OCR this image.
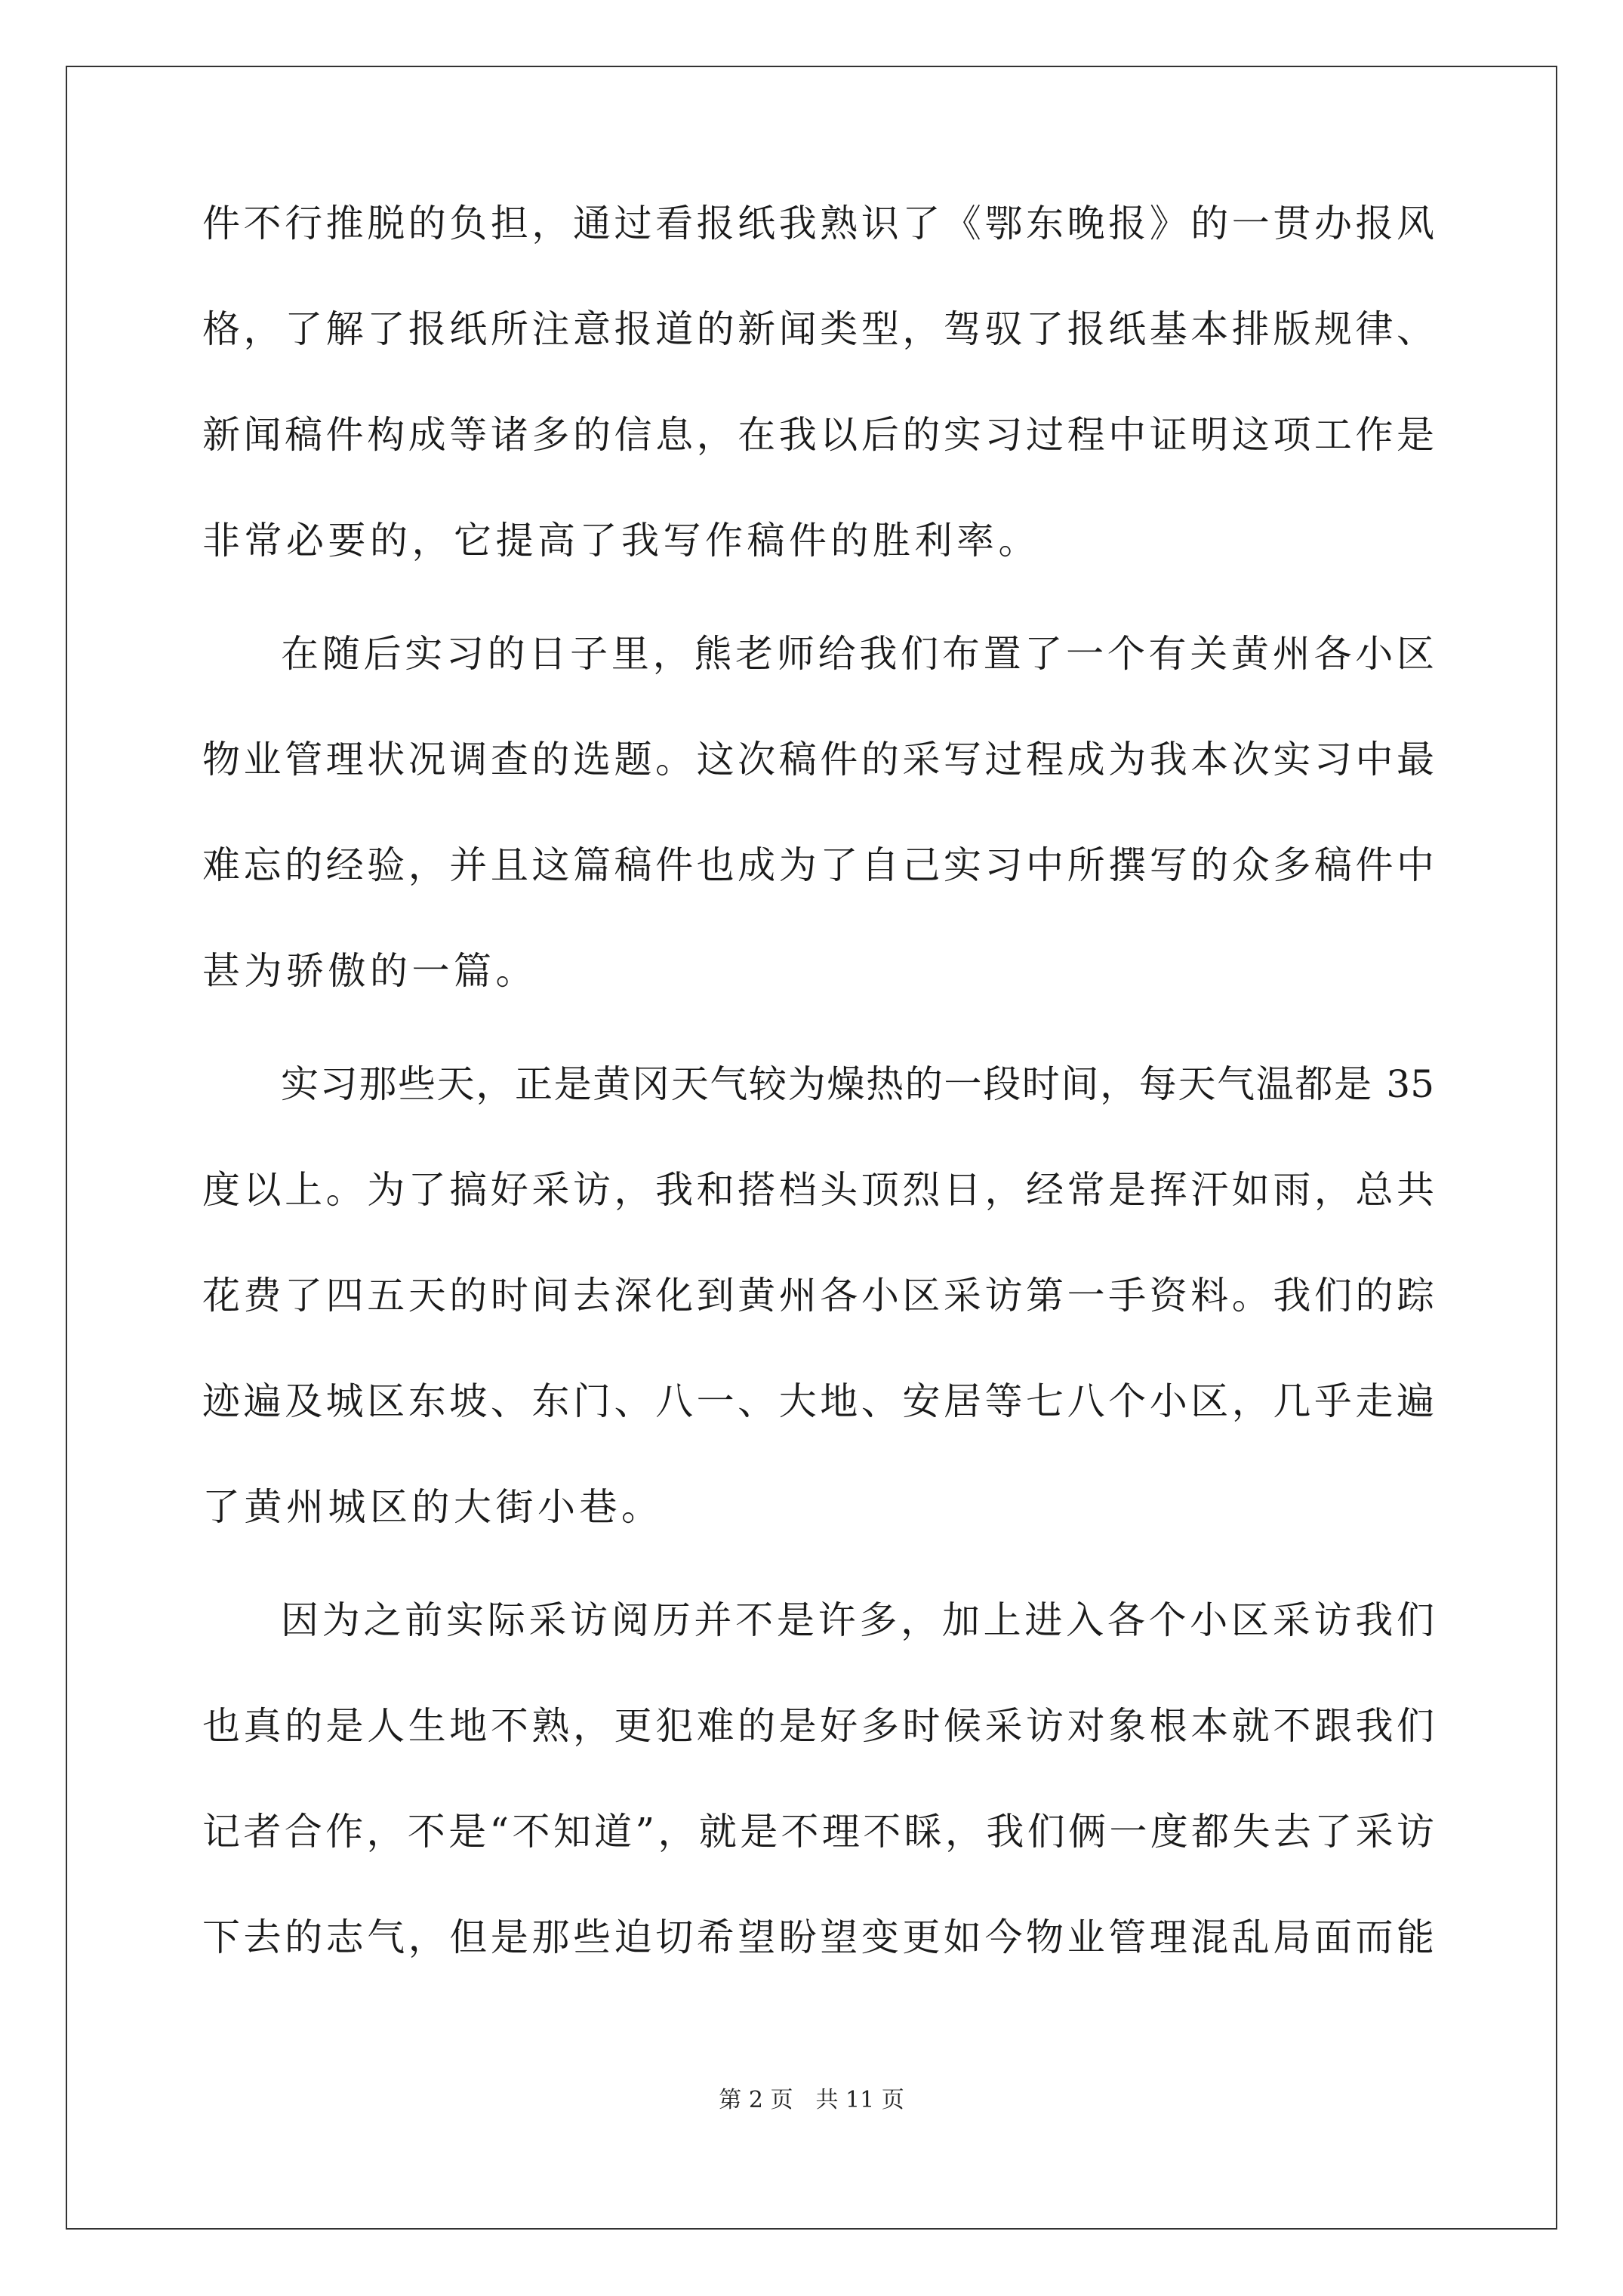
件不行推脱的负担，通过看报纸我熟识了《鄂东晚报》的一贯办报风
格，了解了报纸所注意报道的新闻类型，驾驭了报纸基本排版规律、
新闻稿件构成等诸多的信息，在我以后的实习过程中证明这项工作是
非常必要的，它提高了我写作稿件的胜利率。
在随后实习的日子里，熊老师给我们布置了一个有关黄州各小区
物业管理状况调查的选题。这次稿件的采写过程成为我本次实习中最
难忘的经验，并且这篇稿件也成为了自己实习中所撰写的众多稿件中
甚为骄傲的一篇。
实习那些天，正是黄冈天气较为燥热的一段时间，每天气温都是 35
度以上。为了搞好采访，我和搭档头顶烈日，经常是挥汗如雨，总共
花费了四五天的时间去深化到黄州各小区采访第一手资料。我们的踪
迹遍及城区东坡、东门、八一、大地、安居等七八个小区，几乎走遍
了黄州城区的大街小巷。
因为之前实际采访阅历并不是许多，加上进入各个小区采访我们
也真的是人生地不熟，更犯难的是好多时候采访对象根本就不跟我们
记者合作，不是“不知道”，就是不理不睬，我们俩一度都失去了采访
下去的志气，但是那些迫切希望盼望变更如今物业管理混乱局面而能
第 2 页　共 11 页
